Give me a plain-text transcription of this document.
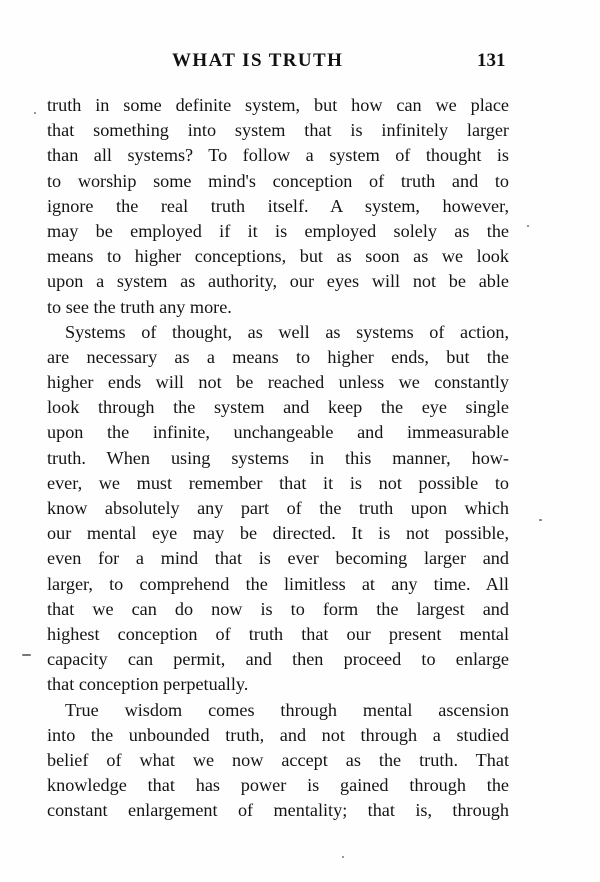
WHAT IS TRUTH	131
truth in some definite system, but how can we place
that something into system that is infinitely larger
than all systems? To follow a system of thought is
to worship some mind's conception of truth and to
ignore the real truth itself. A system, however,
may be employed if it is employed solely as the
means to higher conceptions, but as soon as we look
upon a system as authority, our eyes will not be able
to see the truth any more.
Systems of thought, as well as systems of action,
are necessary as a means to higher ends, but the
higher ends will not be reached unless we constantly
look through the system and keep the eye single
upon the infinite, unchangeable and immeasurable
truth. When using systems in this manner, how-
ever, we must remember that it is not possible to
know absolutely any part of the truth upon which
our mental eye may be directed. It is not possible,
even for a mind that is ever becoming larger and
larger, to comprehend the limitless at any time. All
that we can do now is to form the largest and
highest conception of truth that our present mental
capacity can permit, and then proceed to enlarge
that conception perpetually.
True wisdom comes through mental ascension
into the unbounded truth, and not through a studied
belief of what we now accept as the truth. That
knowledge that has power is gained through the
constant enlargement of mentality; that is, through
